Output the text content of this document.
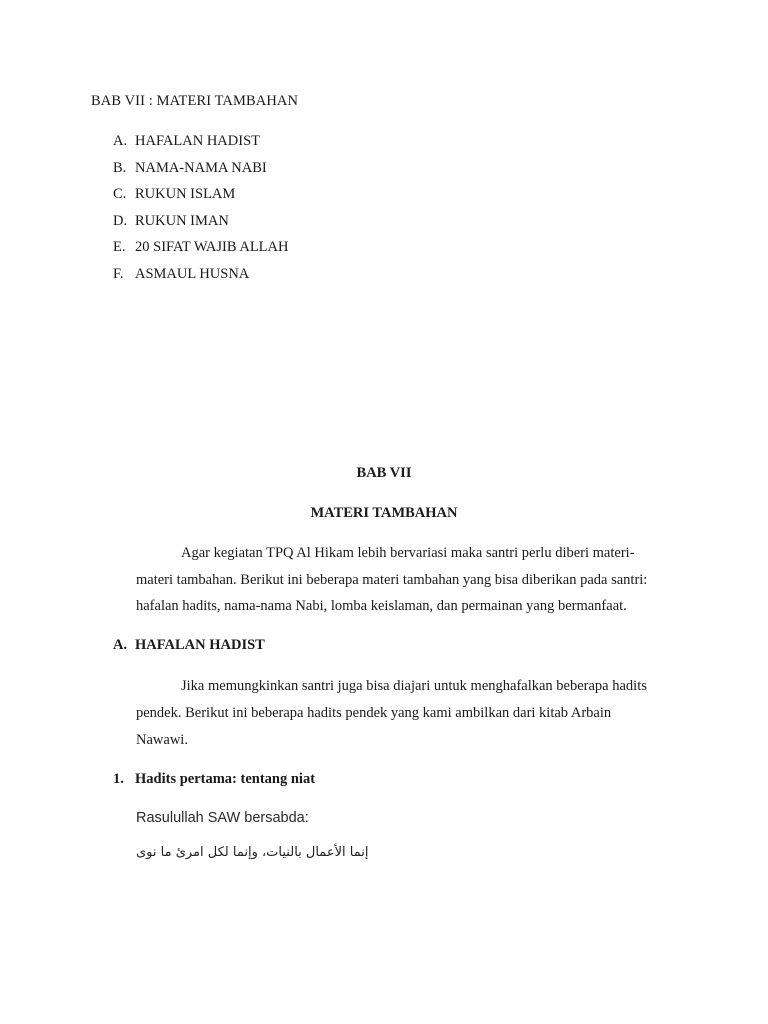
BAB VII : MATERI TAMBAHAN
A. HAFALAN HADIST
B. NAMA-NAMA NABI
C. RUKUN ISLAM
D. RUKUN IMAN
E. 20 SIFAT WAJIB ALLAH
F. ASMAUL HUSNA
BAB VII
MATERI TAMBAHAN
Agar kegiatan TPQ Al Hikam lebih bervariasi maka santri perlu diberi materi-
materi tambahan. Berikut ini beberapa materi tambahan yang bisa diberikan pada santri:
hafalan hadits, nama-nama Nabi, lomba keislaman, dan permainan yang bermanfaat.
A. HAFALAN HADIST
Jika memungkinkan santri juga bisa diajari untuk menghafalkan beberapa hadits
pendek. Berikut ini beberapa hadits pendek yang kami ambilkan dari kitab Arbain
Nawawi.
1. Hadits pertama: tentang niat
Rasulullah SAW bersabda:
إنما الأعمال بالنيات، وإنما لكل امرئ ما نوى
